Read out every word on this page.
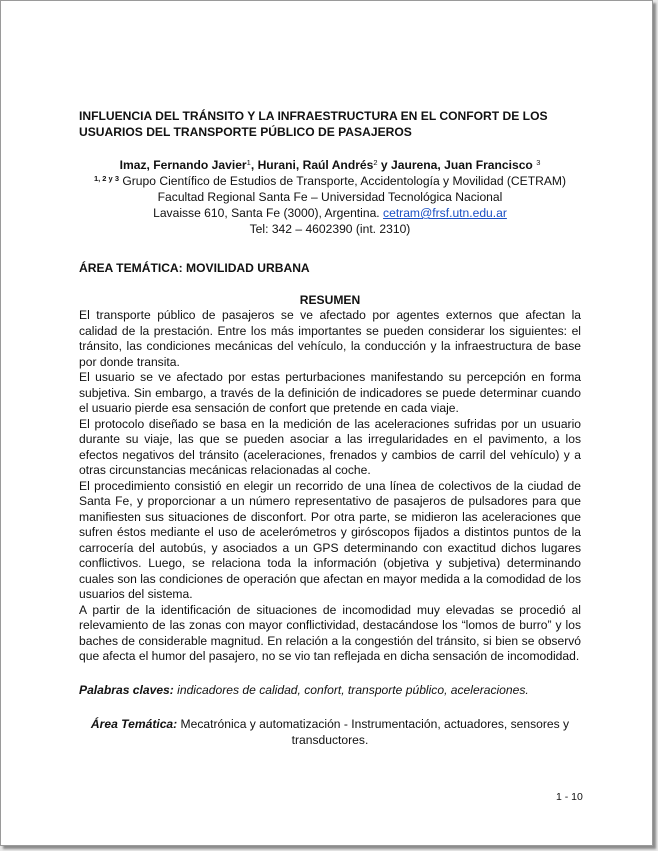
INFLUENCIA DEL TRÁNSITO Y LA INFRAESTRUCTURA EN EL CONFORT DE LOS USUARIOS DEL TRANSPORTE PÚBLICO DE PASAJEROS
Imaz, Fernando Javier$^1$, Hurani, Raúl Andrés$^2$ y Jaurena, Juan Francisco $^3$
$^{1, 2 y 3}$ Grupo Científico de Estudios de Transporte, Accidentología y Movilidad (CETRAM)
Facultad Regional Santa Fe – Universidad Tecnológica Nacional
Lavaisse 610, Santa Fe (3000), Argentina. cetram@frsf.utn.edu.ar
Tel: 342 – 4602390 (int. 2310)
ÁREA TEMÁTICA: MOVILIDAD URBANA
RESUMEN

El transporte público de pasajeros se ve afectado por agentes externos que afectan la calidad de la prestación. Entre los más importantes se pueden considerar los siguientes: el tránsito, las condiciones mecánicas del vehículo, la conducción y la infraestructura de base por donde transita.

El usuario se ve afectado por estas perturbaciones manifestando su percepción en forma subjetiva. Sin embargo, a través de la definición de indicadores se puede determinar cuando el usuario pierde esa sensación de confort que pretende en cada viaje.

El protocolo diseñado se basa en la medición de las aceleraciones sufridas por un usuario durante su viaje, las que se pueden asociar a las irregularidades en el pavimento, a los efectos negativos del tránsito (aceleraciones, frenados y cambios de carril del vehículo) y a otras circunstancias mecánicas relacionadas al coche.

El procedimiento consistió en elegir un recorrido de una línea de colectivos de la ciudad de Santa Fe, y proporcionar a un número representativo de pasajeros de pulsadores para que manifiesten sus situaciones de disconfort. Por otra parte, se midieron las aceleraciones que sufren éstos mediante el uso de acelerómetros y giróscopos fijados a distintos puntos de la carrocería del autobús, y asociados a un GPS determinando con exactitud dichos lugares conflictivos. Luego, se relaciona toda la información (objetiva y subjetiva) determinando cuales son las condiciones de operación que afectan en mayor medida a la comodidad de los usuarios del sistema.

A partir de la identificación de situaciones de incomodidad muy elevadas se procedió al relevamiento de las zonas con mayor conflictividad, destacándose los “lomos de burro” y los baches de considerable magnitud. En relación a la congestión del tránsito, si bien se observó que afecta el humor del pasajero, no se vio tan reflejada en dicha sensación de incomodidad.

Palabras claves: indicadores de calidad, confort, transporte público, aceleraciones.
Área Temática: Mecatrónica y automatización - Instrumentación, actuadores, sensores y transductores.
1 - 10
